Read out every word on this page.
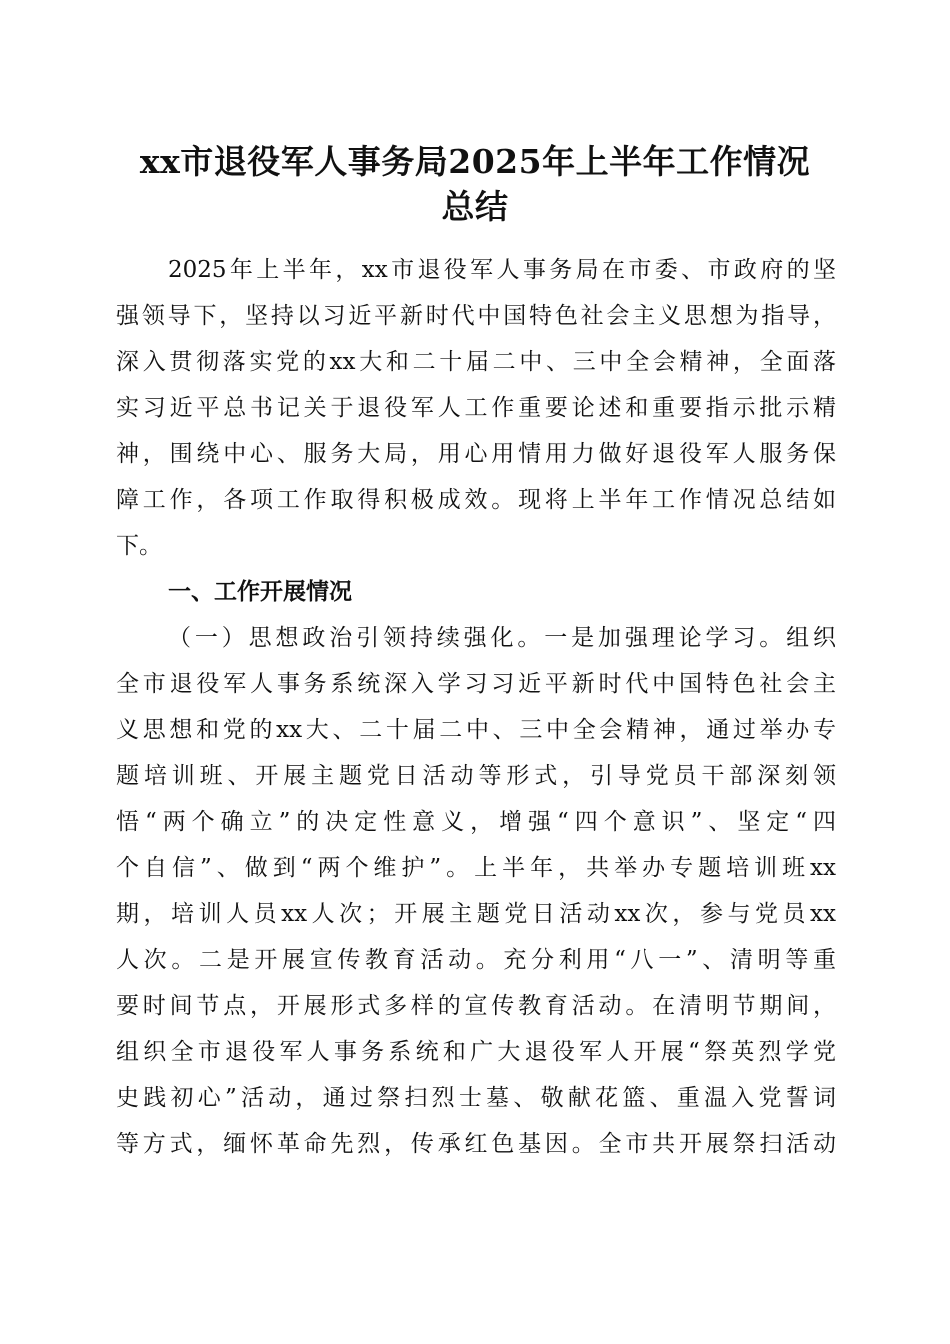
xx市退役军人事务局2025年上半年工作情况
总结
2025年上半年，xx市退役军人事务局在市委、市政府的坚
强领导下，坚持以习近平新时代中国特色社会主义思想为指导，
深入贯彻落实党的xx大和二十届二中、三中全会精神，全面落
实习近平总书记关于退役军人工作重要论述和重要指示批示精
神，围绕中心、服务大局，用心用情用力做好退役军人服务保
障工作，各项工作取得积极成效。现将上半年工作情况总结如
下。
一、工作开展情况
（一）思想政治引领持续强化。一是加强理论学习。组织
全市退役军人事务系统深入学习习近平新时代中国特色社会主
义思想和党的xx大、二十届二中、三中全会精神，通过举办专
题培训班、开展主题党日活动等形式，引导党员干部深刻领
悟“两个确立”的决定性意义，增强“四个意识”、坚定“四
个自信”、做到“两个维护”。上半年，共举办专题培训班xx
期，培训人员xx人次；开展主题党日活动xx次，参与党员xx
人次。二是开展宣传教育活动。充分利用“八一”、清明等重
要时间节点，开展形式多样的宣传教育活动。在清明节期间，
组织全市退役军人事务系统和广大退役军人开展“祭英烈学党
史践初心”活动，通过祭扫烈士墓、敬献花篮、重温入党誓词
等方式，缅怀革命先烈，传承红色基因。全市共开展祭扫活动
